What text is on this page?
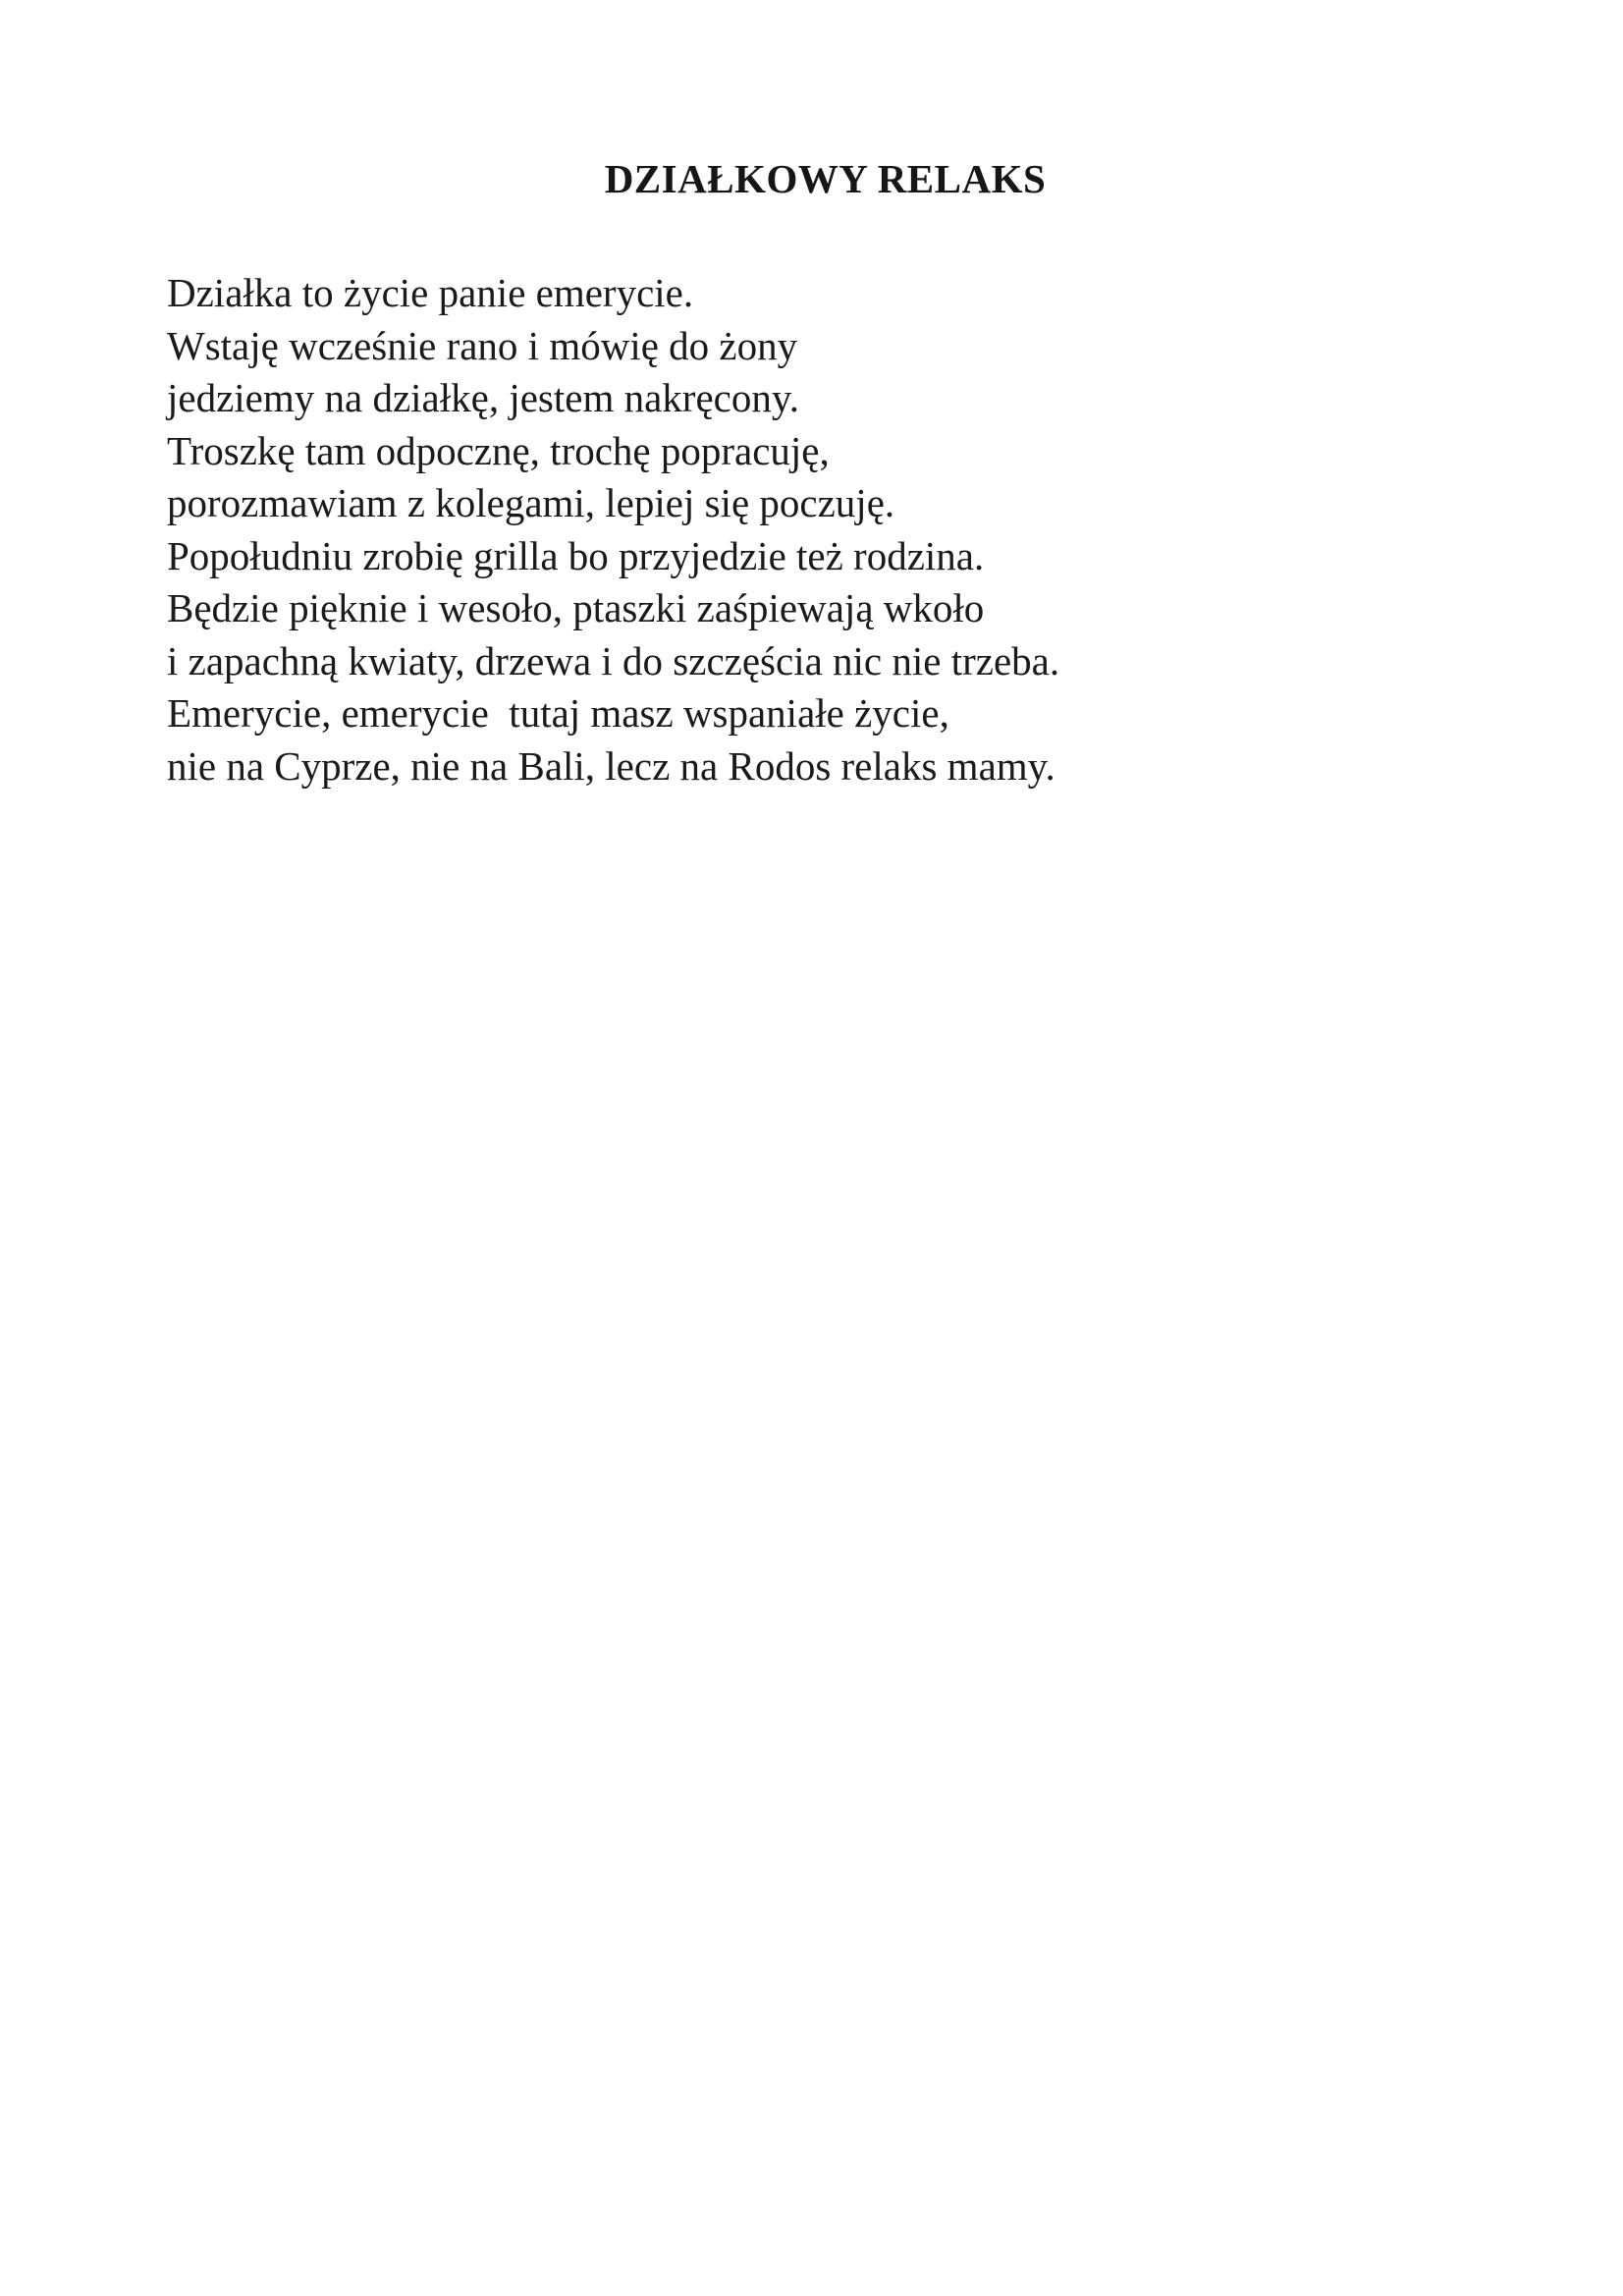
DZIAŁKOWY RELAKS
Działka to życie panie emerycie.
Wstaję wcześnie rano i mówię do żony
jedziemy na działkę, jestem nakręcony.
Troszkę tam odpocznę, trochę popracuję,
porozmawiam z kolegami, lepiej się poczuję.
Popołudniu zrobię grilla bo przyjedzie też rodzina.
Będzie pięknie i wesoło, ptaszki zaśpiewają wkoło
i zapachną kwiaty, drzewa i do szczęścia nic nie trzeba.
Emerycie, emerycie  tutaj masz wspaniałe życie,
nie na Cyprze, nie na Bali, lecz na Rodos relaks mamy.
